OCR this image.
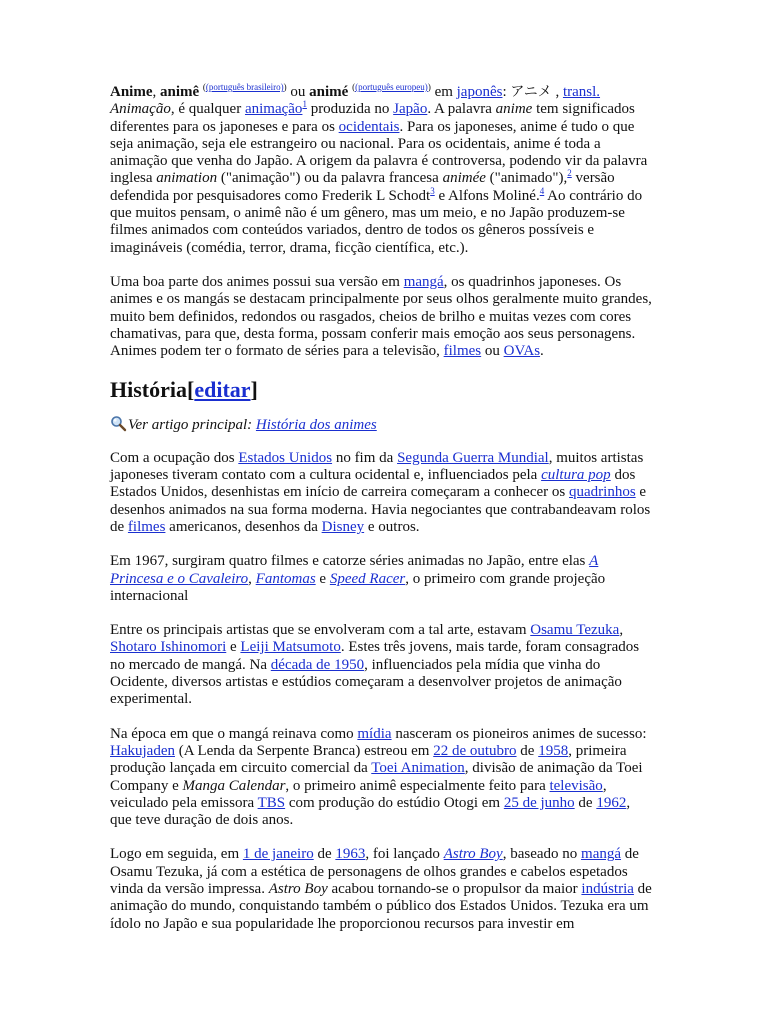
Anime, animê $^{((português brasileiro))}$ ou animé $^{((português europeu))}$ em japonês: アニメ , transl. Animação, é qualquer animação$^1$ produzida no Japão. A palavra anime tem significados diferentes para os japoneses e para os ocidentais. Para os japoneses, anime é tudo o que seja animação, seja ele estrangeiro ou nacional. Para os ocidentais, anime é toda a animação que venha do Japão. A origem da palavra é controversa, podendo vir da palavra inglesa animation ("animação") ou da palavra francesa animée ("animado"),$^2$ versão defendida por pesquisadores como Frederik L Schodt$^3$ e Alfons Moliné.$^4$ Ao contrário do que muitos pensam, o animê não é um gênero, mas um meio, e no Japão produzem-se filmes animados com conteúdos variados, dentro de todos os gêneros possíveis e imagináveis (comédia, terror, drama, ficção científica, etc.).

Uma boa parte dos animes possui sua versão em mangá, os quadrinhos japoneses. Os animes e os mangás se destacam principalmente por seus olhos geralmente muito grandes, muito bem definidos, redondos ou rasgados, cheios de brilho e muitas vezes com cores chamativas, para que, desta forma, possam conferir mais emoção aos seus personagens. Animes podem ter o formato de séries para a televisão, filmes ou OVAs.

História[editar]
Ver artigo principal:
História dos animes

Com a ocupação dos Estados Unidos no fim da Segunda Guerra Mundial, muitos artistas japoneses tiveram contato com a cultura ocidental e, influenciados pela cultura pop dos Estados Unidos, desenhistas em início de carreira começaram a conhecer os quadrinhos e desenhos animados na sua forma moderna. Havia negociantes que contrabandeavam rolos de filmes americanos, desenhos da Disney e outros.

Em 1967, surgiram quatro filmes e catorze séries animadas no Japão, entre elas A Princesa e o Cavaleiro, Fantomas e Speed Racer, o primeiro com grande projeção internacional

Entre os principais artistas que se envolveram com a tal arte, estavam Osamu Tezuka, Shotaro Ishinomori e Leiji Matsumoto. Estes três jovens, mais tarde, foram consagrados no mercado de mangá. Na década de 1950, influenciados pela mídia que vinha do Ocidente, diversos artistas e estúdios começaram a desenvolver projetos de animação experimental.

Na época em que o mangá reinava como mídia nasceram os pioneiros animes de sucesso: Hakujaden (A Lenda da Serpente Branca) estreou em 22 de outubro de 1958, primeira produção lançada em circuito comercial da Toei Animation, divisão de animação da Toei Company e Manga Calendar, o primeiro animê especialmente feito para televisão, veiculado pela emissora TBS com produção do estúdio Otogi em 25 de junho de 1962, que teve duração de dois anos.

Logo em seguida, em 1 de janeiro de 1963, foi lançado Astro Boy, baseado no mangá de Osamu Tezuka, já com a estética de personagens de olhos grandes e cabelos espetados vinda da versão impressa. Astro Boy acabou tornando-se o propulsor da maior indústria de animação do mundo, conquistando também o público dos Estados Unidos. Tezuka era um ídolo no Japão e sua popularidade lhe proporcionou recursos para investir em
